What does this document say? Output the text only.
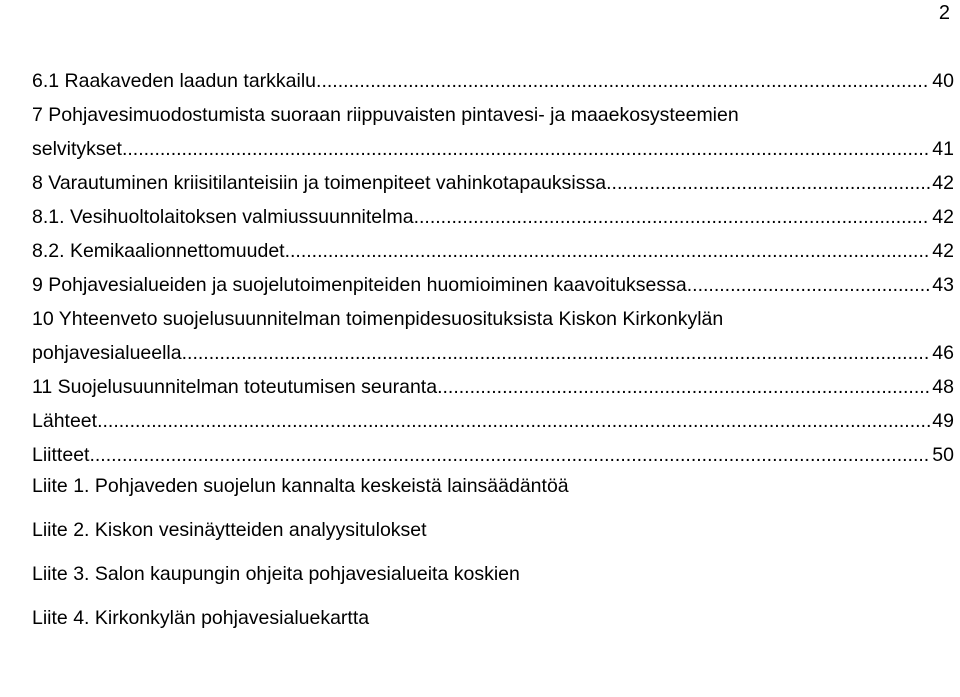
2
6.1 Raakaveden laadun tarkkailu .....	40
7 Pohjavesimuodostumista suoraan riippuvaisten pintavesi- ja maaekosysteemien
selvitykset .....	41
8 Varautuminen kriisitilanteisiin ja toimenpiteet vahinkotapauksissa .....	42
8.1. Vesihuoltolaitoksen valmiussuunnitelma .....	42
8.2. Kemikaalionnettomuudet .....	42
9 Pohjavesialueiden ja suojelutoimenpiteiden huomioiminen kaavoituksessa .....	43
10 Yhteenveto suojelusuunnitelman toimenpidesuosituksista Kiskon Kirkonkylän
pohjavesialueella .....	46
11 Suojelusuunnitelman toteutumisen seuranta .....	48
Lähteet .....	49
Liitteet .....	50

Liite 1. Pohjaveden suojelun kannalta keskeistä lainsäädäntöä

Liite 2. Kiskon vesinäytteiden analyysitulokset

Liite 3. Salon kaupungin ohjeita pohjavesialueita koskien

Liite 4. Kirkonkylän pohjavesialuekartta
